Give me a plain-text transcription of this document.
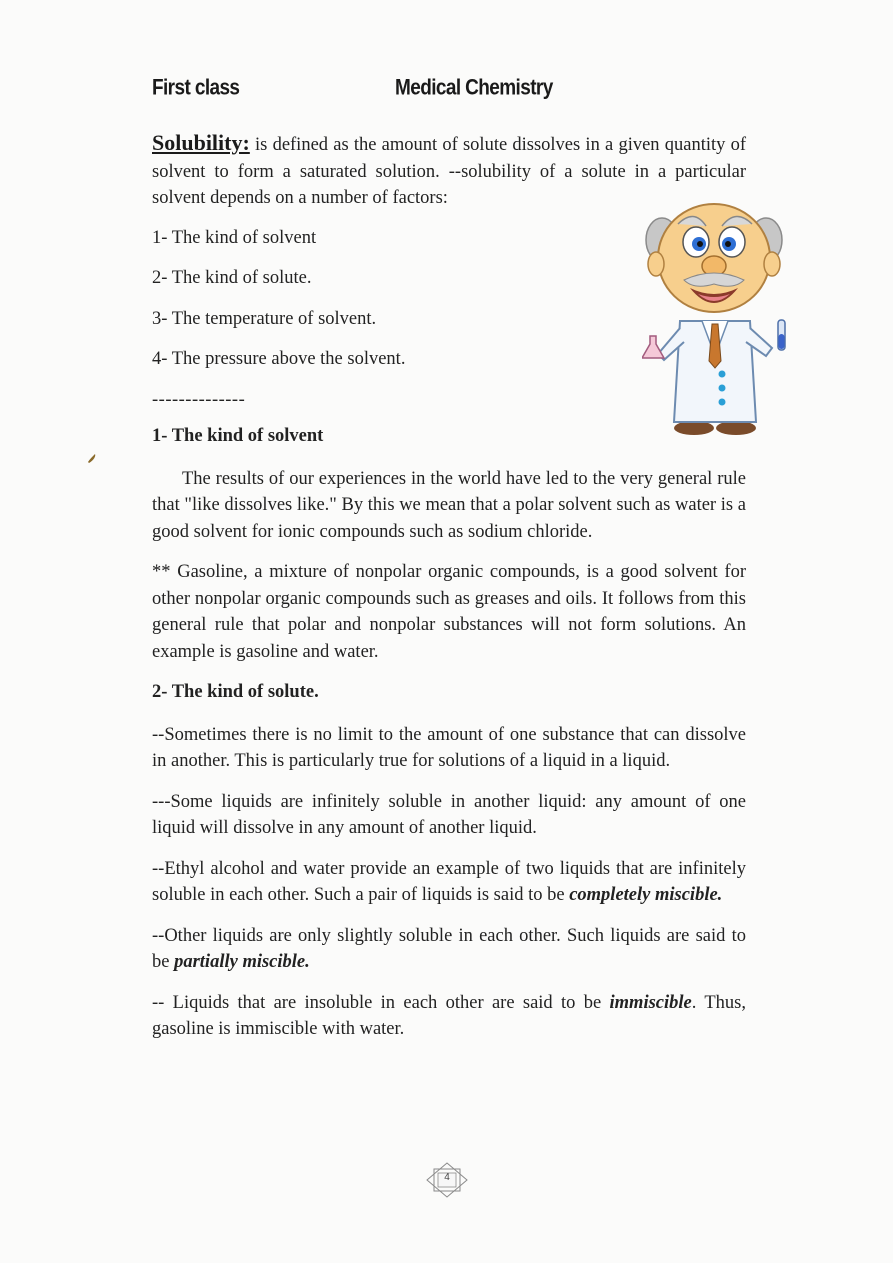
First class	Medical Chemistry

Solubility: is defined as the amount of solute dissolves in a given quantity of solvent to form a saturated solution. --solubility of a solute in a particular solvent depends on a number of factors:

1- The kind of solvent

2- The kind of solute.

3- The temperature of solvent.

4- The pressure above the solvent.

--------------

1- The kind of solvent

The results of our experiences in the world have led to the very general rule that "like dissolves like." By this we mean that a polar solvent such as water is a good solvent for ionic compounds such as sodium chloride.

** Gasoline, a mixture of nonpolar organic compounds, is a good solvent for other nonpolar organic compounds such as greases and oils. It follows from this general rule that polar and nonpolar substances will not form solutions. An example is gasoline and water.

2- The kind of solute.

--Sometimes there is no limit to the amount of one substance that can dissolve in another. This is particularly true for solutions of a liquid in a liquid.

---Some liquids are infinitely soluble in another liquid: any amount of one liquid will dissolve in any amount of another liquid.

--Ethyl alcohol and water provide an example of two liquids that are infinitely soluble in each other. Such a pair of liquids is said to be completely miscible.

--Other liquids are only slightly soluble in each other. Such liquids are said to be partially miscible.

-- Liquids that are insoluble in each other are said to be immiscible. Thus, gasoline is immiscible with water.

4
